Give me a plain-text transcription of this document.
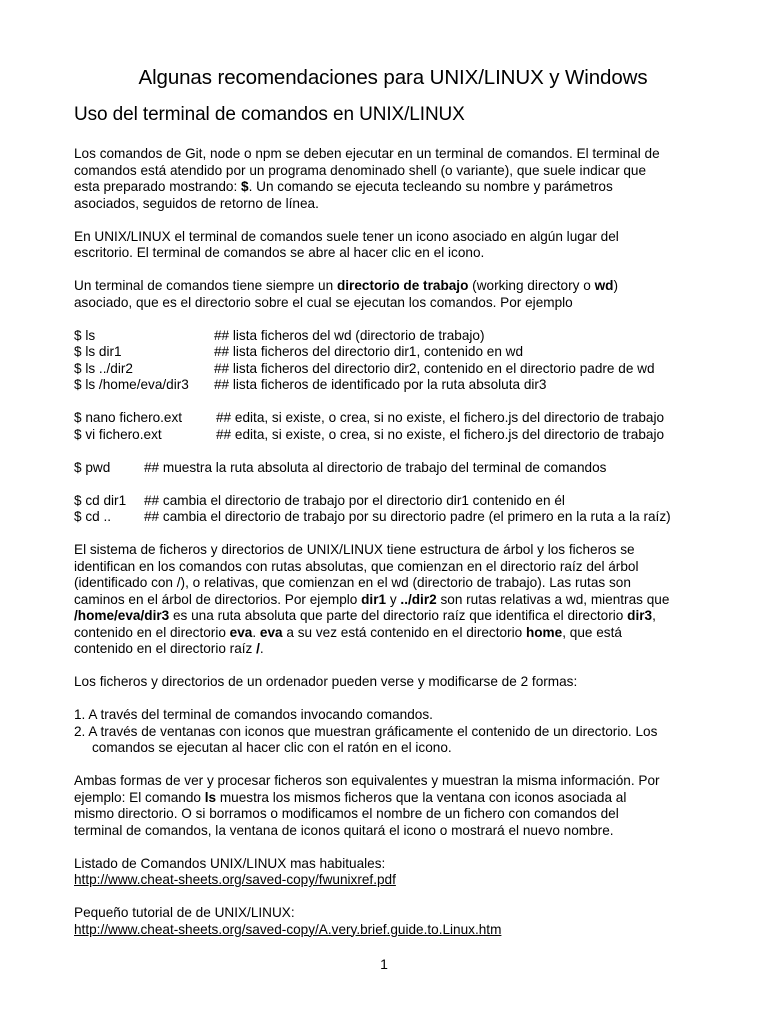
Algunas recomendaciones para UNIX/LINUX y Windows
Uso del terminal de comandos en UNIX/LINUX
Los comandos de Git, node o npm se deben ejecutar en un terminal de comandos. El terminal de
comandos está atendido por un programa denominado shell (o variante), que suele indicar que
esta preparado mostrando: $. Un comando se ejecuta tecleando su nombre y parámetros
asociados, seguidos de retorno de línea.
En UNIX/LINUX el terminal de comandos suele tener un icono asociado en algún lugar del
escritorio. El terminal de comandos se abre al hacer clic en el icono.
Un terminal de comandos tiene siempre un directorio de trabajo (working directory o wd)
asociado, que es el directorio sobre el cual se ejecutan los comandos. Por ejemplo
$ ls	## lista ficheros del wd (directorio de trabajo)
$ ls dir1	## lista ficheros del directorio dir1, contenido en wd
$ ls ../dir2	## lista ficheros del directorio dir2, contenido en el directorio padre de wd
$ ls /home/eva/dir3 ## lista ficheros de identificado por la ruta absoluta dir3
$ nano fichero.ext ## edita, si existe, o crea, si no existe, el fichero.js del directorio de trabajo
$ vi fichero.ext	## edita, si existe, o crea, si no existe, el fichero.js del directorio de trabajo
$ pwd ## muestra la ruta absoluta al directorio de trabajo del terminal de comandos
$ cd dir1 ## cambia el directorio de trabajo por el directorio dir1 contenido en él
$ cd .. ## cambia el directorio de trabajo por su directorio padre (el primero en la ruta a la raíz)
El sistema de ficheros y directorios de UNIX/LINUX tiene estructura de árbol y los ficheros se
identifican en los comandos con rutas absolutas, que comienzan en el directorio raíz del árbol
(identificado con /), o relativas, que comienzan en el wd (directorio de trabajo). Las rutas son
caminos en el árbol de directorios. Por ejemplo dir1 y ../dir2 son rutas relativas a wd, mientras que
/home/eva/dir3 es una ruta absoluta que parte del directorio raíz que identifica el directorio dir3,
contenido en el directorio eva. eva a su vez está contenido en el directorio home, que está
contenido en el directorio raíz /.
Los ficheros y directorios de un ordenador pueden verse y modificarse de 2 formas:
1. A través del terminal de comandos invocando comandos.
2. A través de ventanas con iconos que muestran gráficamente el contenido de un directorio. Los
comandos se ejecutan al hacer clic con el ratón en el icono.
Ambas formas de ver y procesar ficheros son equivalentes y muestran la misma información. Por
ejemplo: El comando ls muestra los mismos ficheros que la ventana con iconos asociada al
mismo directorio. O si borramos o modificamos el nombre de un fichero con comandos del
terminal de comandos, la ventana de iconos quitará el icono o mostrará el nuevo nombre.
Listado de Comandos UNIX/LINUX mas habituales:
http://www.cheat-sheets.org/saved-copy/fwunixref.pdf
Pequeño tutorial de de UNIX/LINUX:
http://www.cheat-sheets.org/saved-copy/A.very.brief.guide.to.Linux.htm
1
